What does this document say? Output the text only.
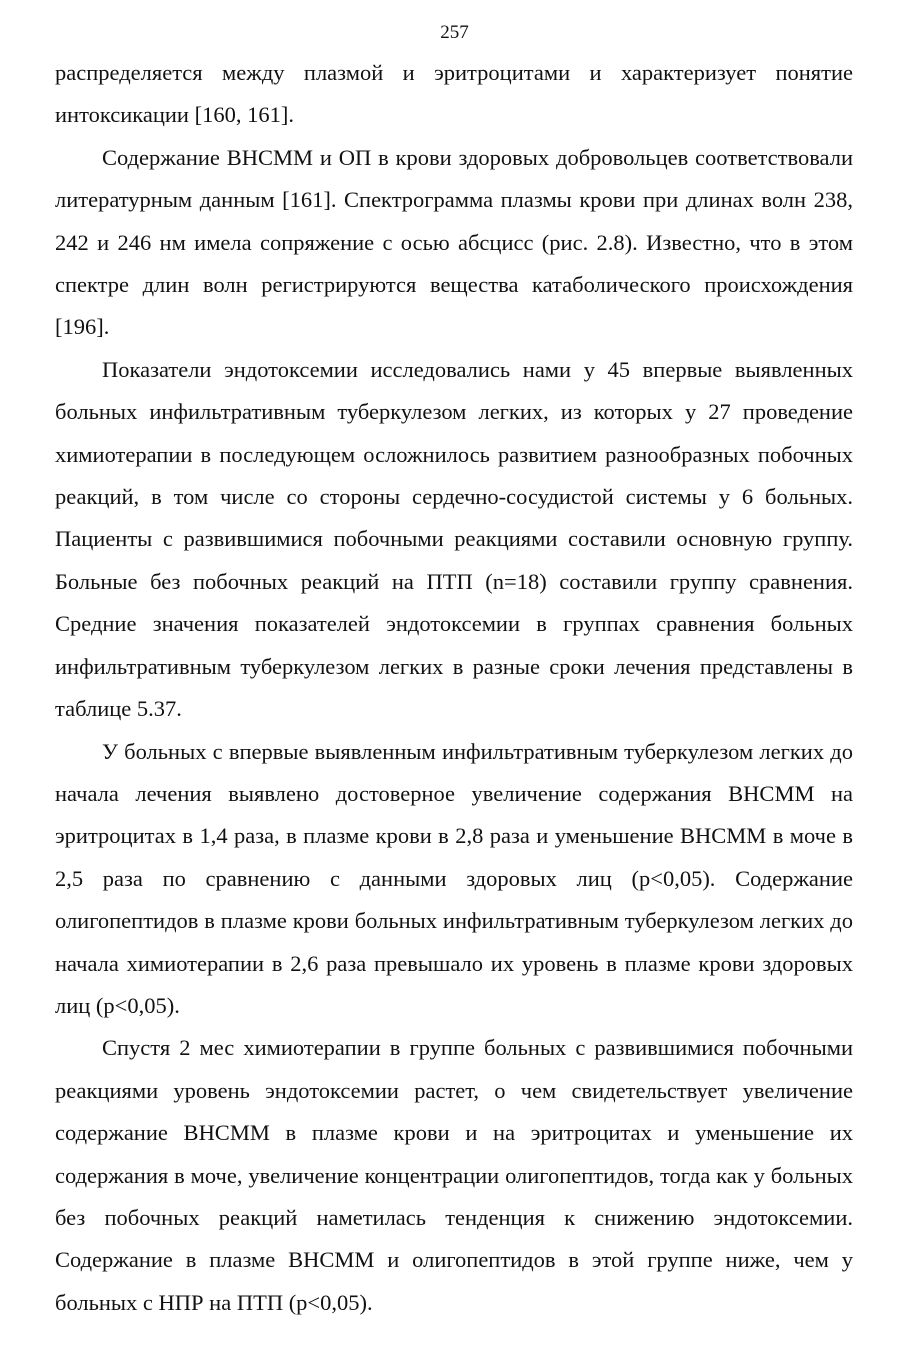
257

распределяется между плазмой и эритроцитами и характеризует понятие интоксикации [160, 161].

Содержание ВНСММ и ОП в крови здоровых добровольцев соответствовали литературным данным [161]. Спектрограмма плазмы крови при длинах волн 238, 242 и 246 нм имела сопряжение с осью абсцисс (рис. 2.8). Известно, что в этом спектре длин волн регистрируются вещества катаболического происхождения [196].

Показатели эндотоксемии исследовались нами у 45 впервые выявленных больных инфильтративным туберкулезом легких, из которых у 27 проведение химиотерапии в последующем осложнилось развитием разнообразных побочных реакций, в том числе со стороны сердечно-сосудистой системы у 6 больных. Пациенты с развившимися побочными реакциями составили основную группу. Больные без побочных реакций на ПТП (n=18) составили группу сравнения. Средние значения показателей эндотоксемии в группах сравнения больных инфильтративным туберкулезом легких в разные сроки лечения представлены в таблице 5.37.

У больных с впервые выявленным инфильтративным туберкулезом легких до начала лечения выявлено достоверное увеличение содержания ВНСММ на эритроцитах в 1,4 раза, в плазме крови в 2,8 раза и уменьшение ВНСММ в моче в 2,5 раза по сравнению с данными здоровых лиц (p<0,05). Содержание олигопептидов в плазме крови больных инфильтративным туберкулезом легких до начала химиотерапии в 2,6 раза превышало их уровень в плазме крови здоровых лиц (p<0,05).

Спустя 2 мес химиотерапии в группе больных с развившимися побочными реакциями уровень эндотоксемии растет, о чем свидетельствует увеличение содержание ВНСММ в плазме крови и на эритроцитах и уменьшение их содержания в моче, увеличение концентрации олигопептидов, тогда как у больных без побочных реакций наметилась тенденция к снижению эндотоксемии. Содержание в плазме ВНСММ и олигопептидов в этой группе ниже, чем у больных с НПР на ПТП (p<0,05).
